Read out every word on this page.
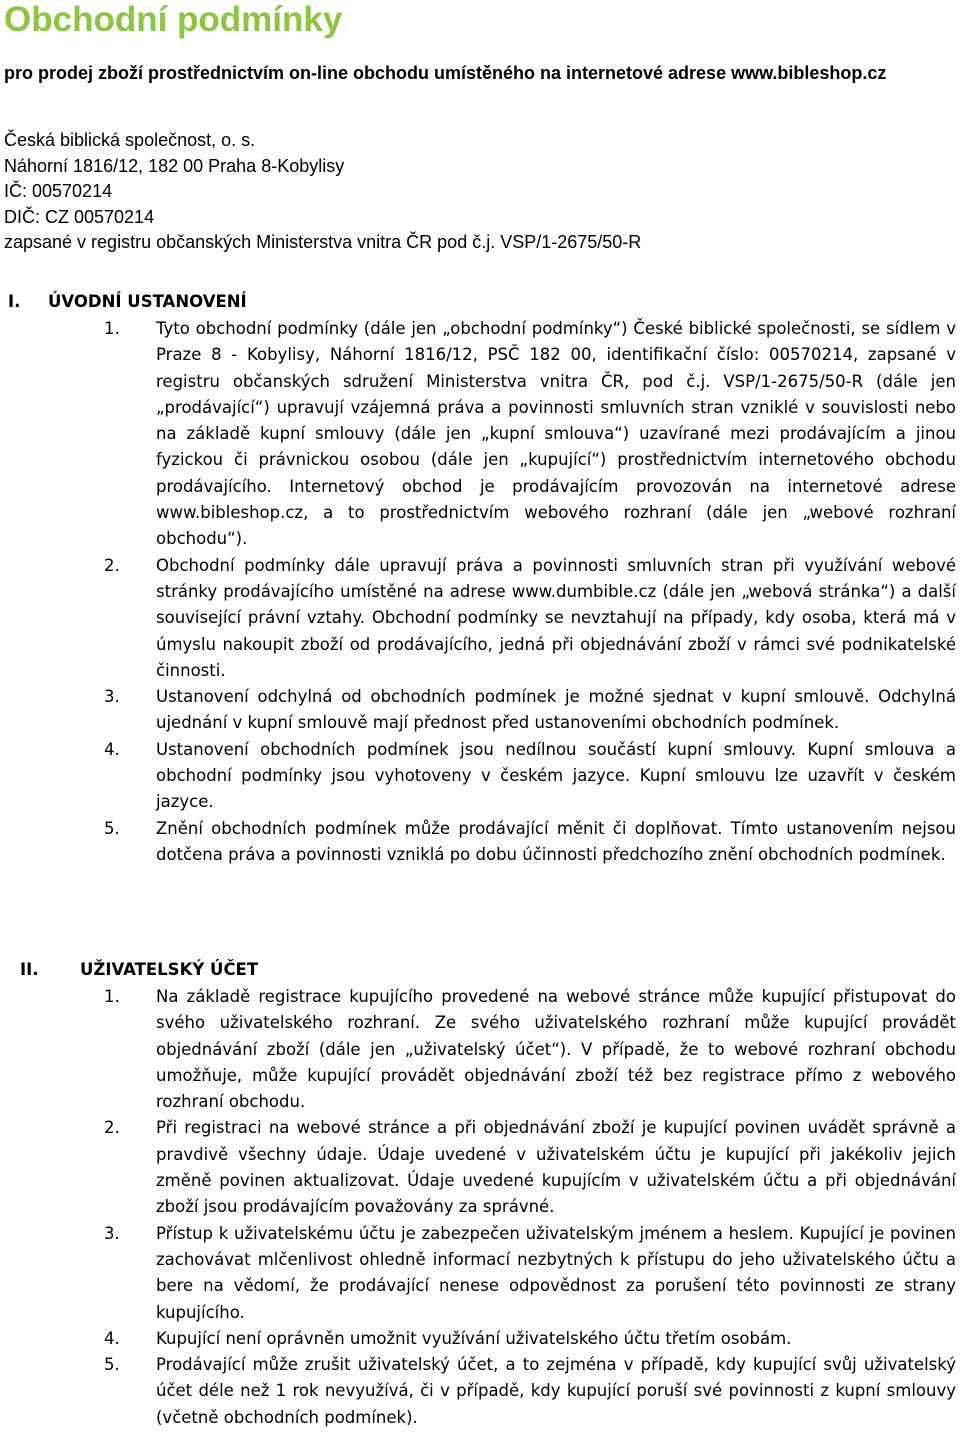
Obchodní podmínky
pro prodej zboží prostřednictvím on-line obchodu umístěného na internetové adrese www.bibleshop.cz
Česká biblická společnost, o. s.
Náhorní 1816/12, 182 00 Praha 8-Kobylisy
IČ: 00570214
DIČ: CZ 00570214
zapsané v registru občanských Ministerstva vnitra ČR pod č.j. VSP/1-2675/50-R
I. ÚVODNÍ USTANOVENÍ
1. Tyto obchodní podmínky (dále jen „obchodní podmínky“) České biblické společnosti, se sídlem v Praze 8 - Kobylisy, Náhorní 1816/12, PSČ 182 00, identifikační číslo: 00570214, zapsané v registru občanských sdružení Ministerstva vnitra ČR, pod č.j. VSP/1-2675/50-R (dále jen „prodávající“) upravují vzájemná práva a povinnosti smluvních stran vzniklé v souvislosti nebo na základě kupní smlouvy (dále jen „kupní smlouva“) uzavírané mezi prodávajícím a jinou fyzickou či právnickou osobou (dále jen „kupující“) prostřednictvím internetového obchodu prodávajícího. Internetový obchod je prodávajícím provozován na internetové adrese www.bibleshop.cz, a to prostřednictvím webového rozhraní (dále jen „webové rozhraní obchodu“).
2. Obchodní podmínky dále upravují práva a povinnosti smluvních stran při využívání webové stránky prodávajícího umístěné na adrese www.dumbible.cz (dále jen „webová stránka“) a další související právní vztahy. Obchodní podmínky se nevztahují na případy, kdy osoba, která má v úmyslu nakoupit zboží od prodávajícího, jedná při objednávání zboží v rámci své podnikatelské činnosti.
3. Ustanovení odchylná od obchodních podmínek je možné sjednat v kupní smlouvě. Odchylná ujednání v kupní smlouvě mají přednost před ustanoveními obchodních podmínek.
4. Ustanovení obchodních podmínek jsou nedílnou součástí kupní smlouvy. Kupní smlouva a obchodní podmínky jsou vyhotoveny v českém jazyce. Kupní smlouvu lze uzavřít v českém jazyce.
5. Znění obchodních podmínek může prodávající měnit či doplňovat. Tímto ustanovením nejsou dotčena práva a povinnosti vzniklá po dobu účinnosti předchozího znění obchodních podmínek.
II.	UŽIVATELSKÝ ÚČET
1. Na základě registrace kupujícího provedené na webové stránce může kupující přistupovat do svého uživatelského rozhraní. Ze svého uživatelského rozhraní může kupující provádět objednávání zboží (dále jen „uživatelský účet“). V případě, že to webové rozhraní obchodu umožňuje, může kupující provádět objednávání zboží též bez registrace přímo z webového rozhraní obchodu.
2. Při registraci na webové stránce a při objednávání zboží je kupující povinen uvádět správně a pravdivě všechny údaje. Údaje uvedené v uživatelském účtu je kupující při jakékoliv jejich změně povinen aktualizovat. Údaje uvedené kupujícím v uživatelském účtu a při objednávání zboží jsou prodávajícím považovány za správné.
3. Přístup k uživatelskému účtu je zabezpečen uživatelským jménem a heslem. Kupující je povinen zachovávat mlčenlivost ohledně informací nezbytných k přístupu do jeho uživatelského účtu a bere na vědomí, že prodávající nenese odpovědnost za porušení této povinnosti ze strany kupujícího.
4. Kupující není oprávněn umožnit využívání uživatelského účtu třetím osobám.
5. Prodávající může zrušit uživatelský účet, a to zejména v případě, kdy kupující svůj uživatelský účet déle než 1 rok nevyužívá, či v případě, kdy kupující poruší své povinnosti z kupní smlouvy (včetně obchodních podmínek).
